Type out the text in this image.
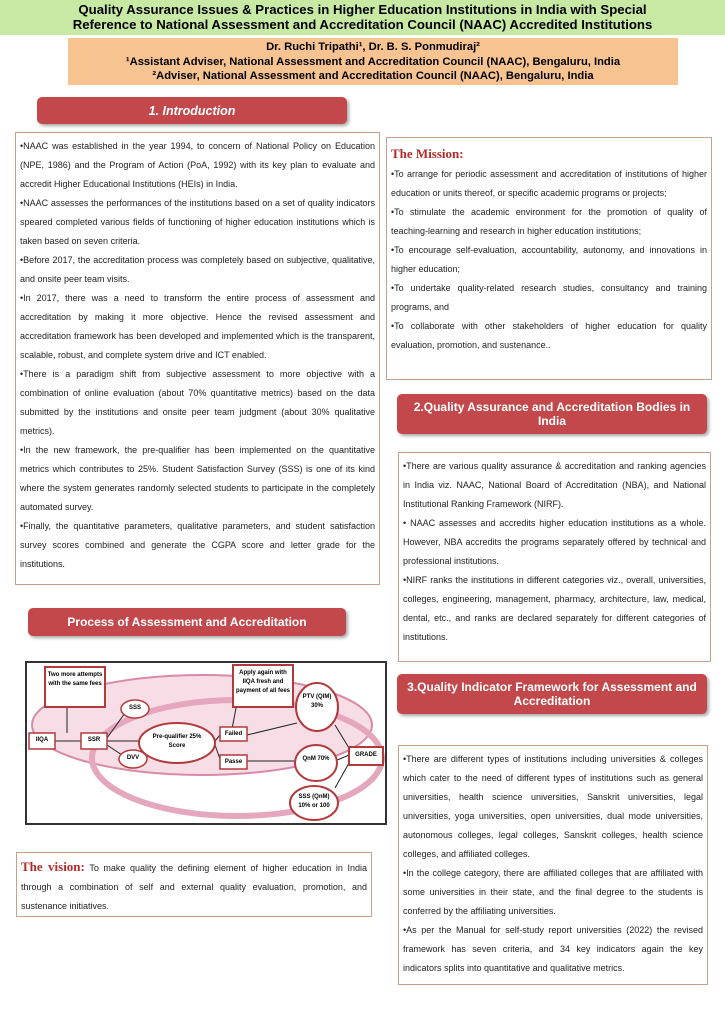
Quality Assurance Issues & Practices in Higher Education Institutions in India with Special
Reference to National Assessment and Accreditation Council (NAAC) Accredited Institutions
Dr. Ruchi Tripathi¹, Dr. B. S. Ponmudiraj²
¹Assistant Adviser, National Assessment and Accreditation Council (NAAC), Bengaluru, India
²Adviser, National Assessment and Accreditation Council (NAAC), Bengaluru, India
1. Introduction

•NAAC was established in the year 1994, to concern of National Policy on Education (NPE, 1986) and the Program of Action (PoA, 1992) with its key plan to evaluate and accredit Higher Educational Institutions (HEIs) in India.

•NAAC assesses the performances of the institutions based on a set of quality indicators speared completed various fields of functioning of higher education institutions which is taken based on seven criteria.

•Before 2017, the accreditation process was completely based on subjective, qualitative, and onsite peer team visits.

•In 2017, there was a need to transform the entire process of assessment and accreditation by making it more objective. Hence the revised assessment and accreditation framework has been developed and implemented which is the transparent, scalable, robust, and complete system drive and ICT enabled.

•There is a paradigm shift from subjective assessment to more objective with a combination of online evaluation (about 70% quantitative metrics) based on the data submitted by the institutions and onsite peer team judgment (about 30% qualitative metrics).

•In the new framework, the pre-qualifier has been implemented on the quantitative metrics which contributes to 25%. Student Satisfaction Survey (SSS) is one of its kind where the system generates randomly selected students to participate in the completely automated survey.

•Finally, the quantitative parameters, qualitative parameters, and student satisfaction survey scores combined and generate the CGPA score and letter grade for the institutions.

Process of Assessment and Accreditation
Two more attempts with the same fees
Apply again with IIQA fresh and payment of all fees
IIQA	SSR
SSS
DVV
Pre-qualifier 25% Score
Failed
Passe
PTV (QlM) 30%
QnM 70%
SSS (QnM) 10% or 100
GRADE
The vision: To make quality the defining element of higher education in India through a combination of self and external quality evaluation, promotion, and sustenance initiatives.
The Mission:

•To arrange for periodic assessment and accreditation of institutions of higher education or units thereof, or specific academic programs or projects;

•To stimulate the academic environment for the promotion of quality of teaching-learning and research in higher education institutions;

•To encourage self-evaluation, accountability, autonomy, and innovations in higher education;

•To undertake quality-related research studies, consultancy and training programs, and

•To collaborate with other stakeholders of higher education for quality evaluation, promotion, and sustenance..

2.Quality Assurance and Accreditation Bodies in India

•There are various quality assurance & accreditation and ranking agencies in India viz. NAAC, National Board of Accreditation (NBA), and National Institutional Ranking Framework (NIRF).

• NAAC assesses and accredits higher education institutions as a whole. However, NBA accredits the programs separately offered by technical and professional institutions.

•NIRF ranks the institutions in different categories viz., overall, universities, colleges, engineering, management, pharmacy, architecture, law, medical, dental, etc., and ranks are declared separately for different categories of institutions.

3.Quality Indicator Framework for Assessment and Accreditation

•There are different types of institutions including universities & colleges which cater to the need of different types of institutions such as general universities, health science universities, Sanskrit universities, legal universities, yoga universities, open universities, dual mode universities, autonomous colleges, legal colleges, Sanskrit colleges, health science colleges, and affiliated colleges.

•In the college category, there are affiliated colleges that are affiliated with some universities in their state, and the final degree to the students is conferred by the affiliating universities.

•As per the Manual for self-study report universities (2022) the revised framework has seven criteria, and 34 key indicators again the key indicators splits into quantitative and qualitative metrics.
